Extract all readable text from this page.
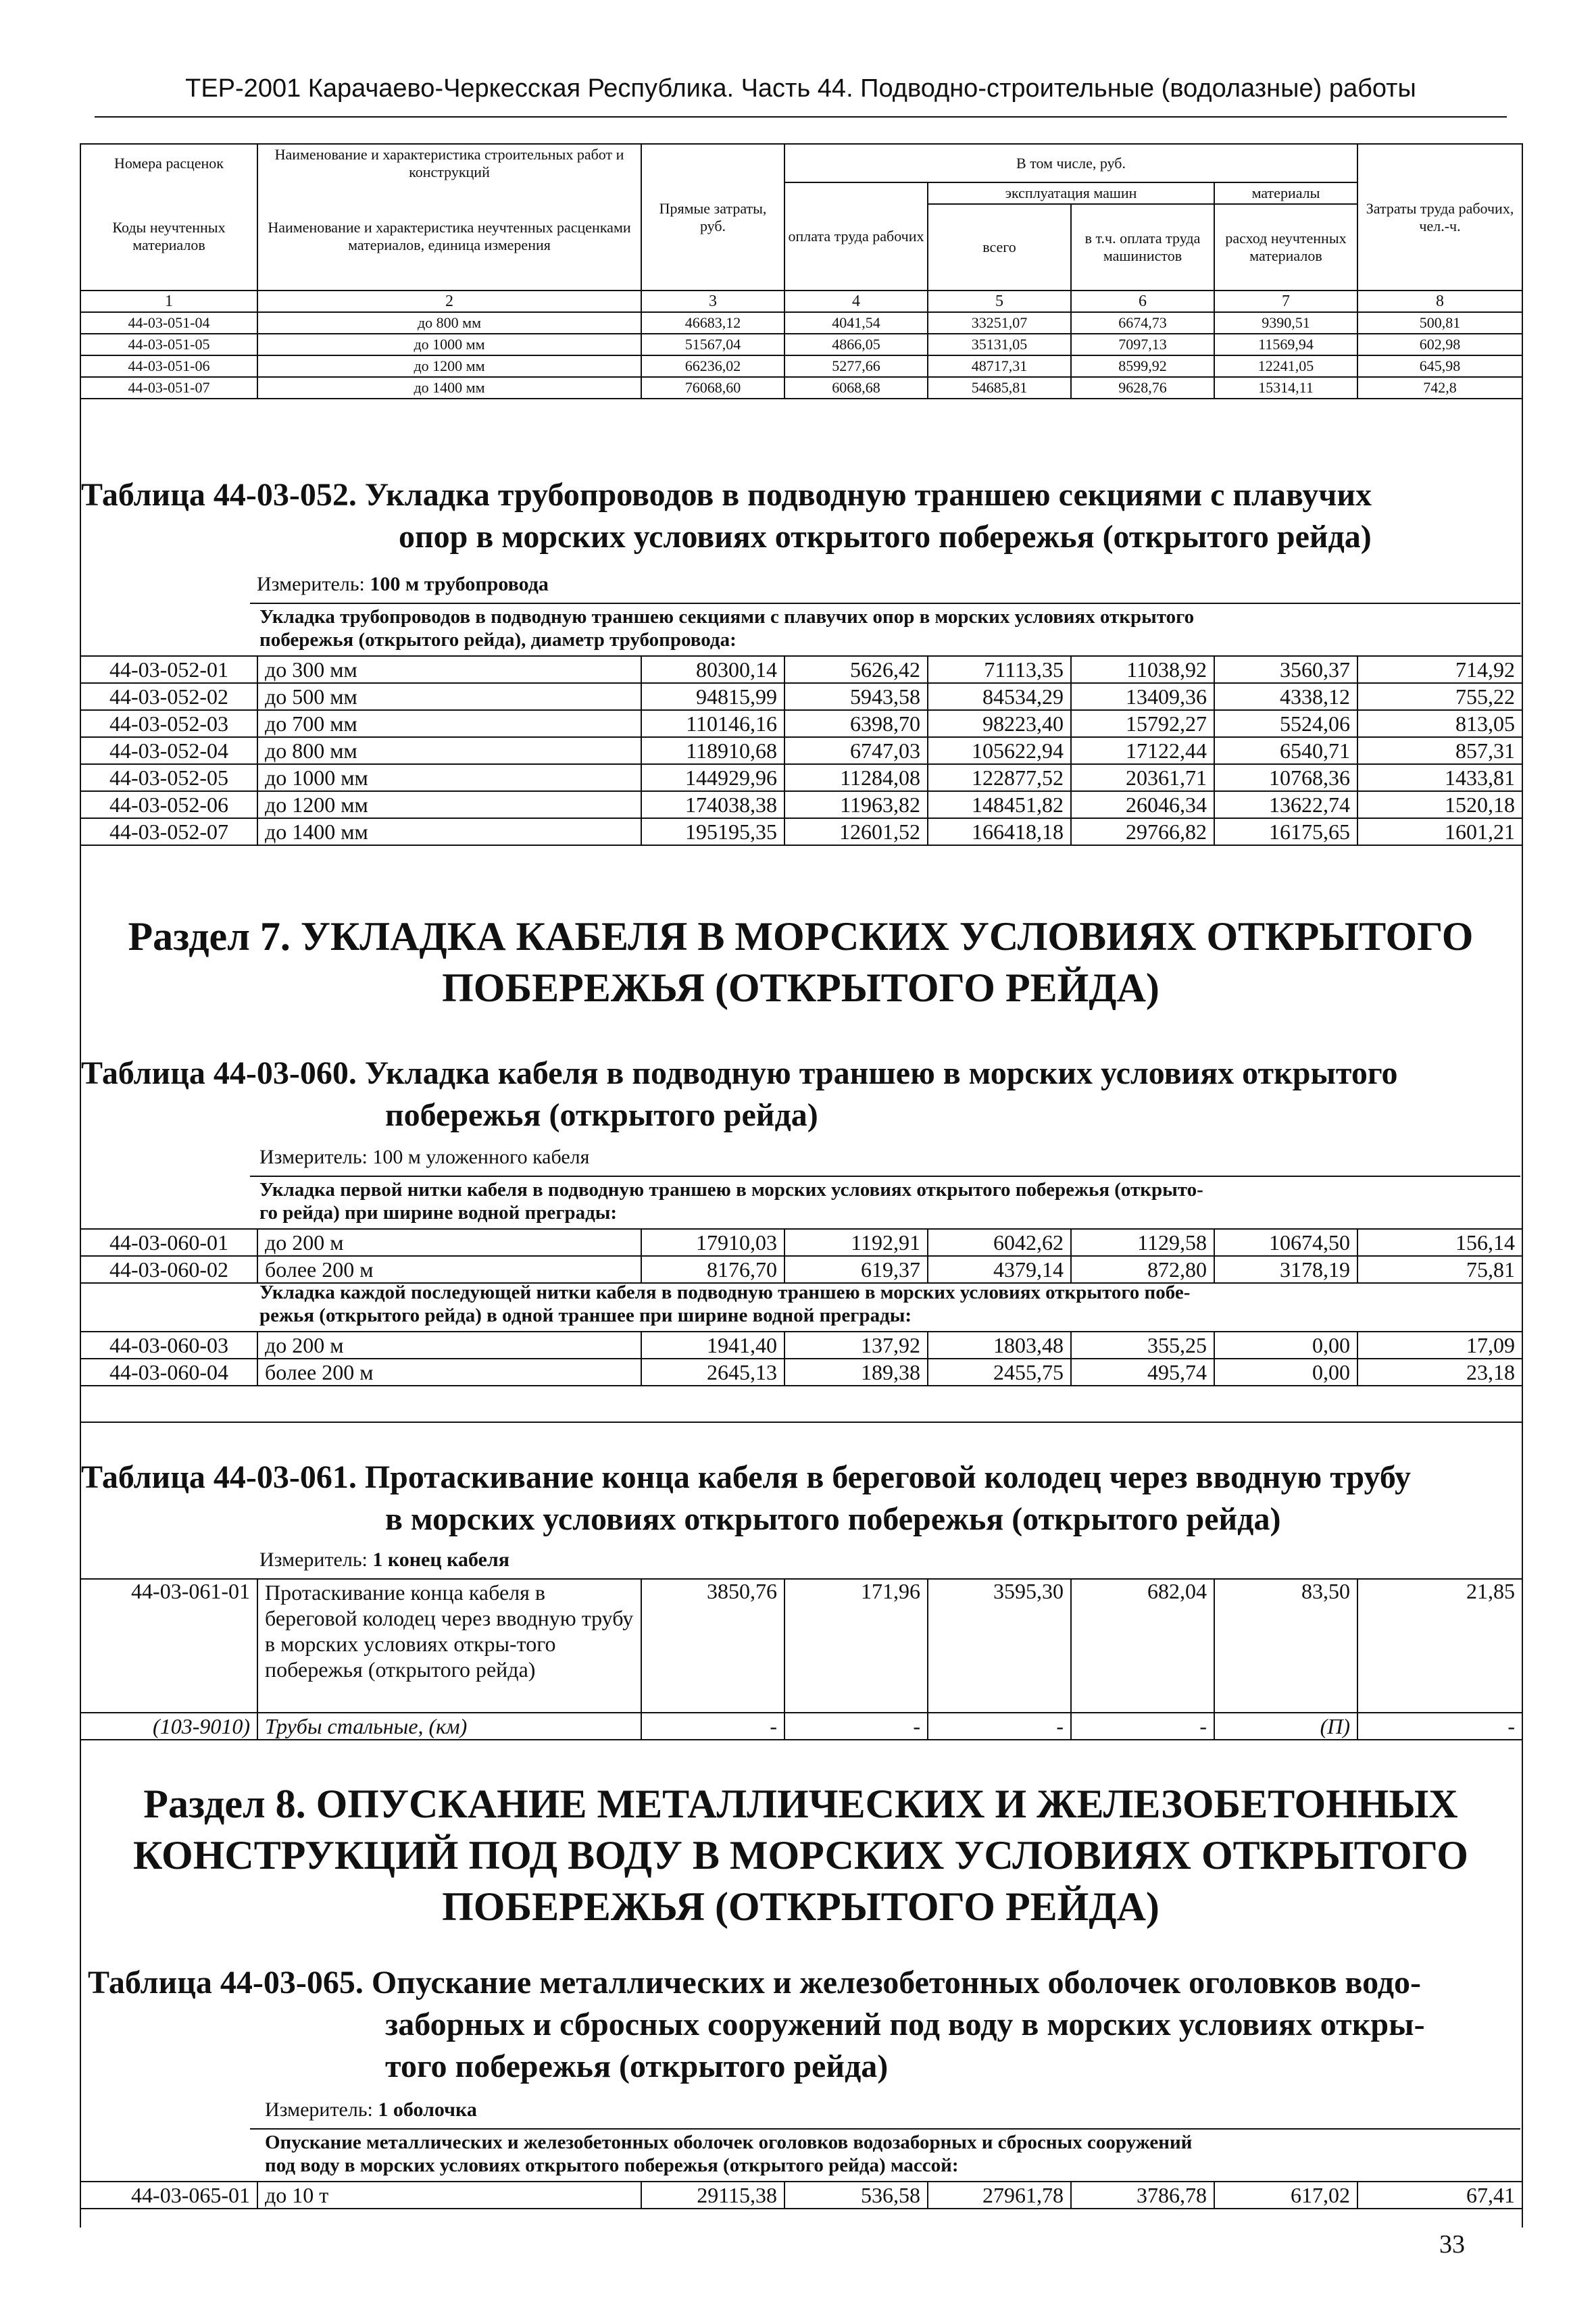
ТЕР-2001 Карачаево-Черкесская Республика. Часть 44. Подводно-строительные (водолазные) работы
Номера расценок	Наименование и характеристика строительных работ и конструкций	Прямые затраты, руб.	В том числе, руб.				Затраты труда рабочих, чел.-ч.
Коды неучтенных материалов	Наименование и характеристика неучтенных расценками материалов, единица измерения		оплата труда рабочих	эксплуатация машин		материалы	
				всего	в т.ч. оплата труда машинистов	расход неучтенных материалов	
1	2	3	4	5	6	7	8
44-03-051-04	до 800 мм	46683,12	4041,54	33251,07	6674,73	9390,51	500,81
44-03-051-05	до 1000 мм	51567,04	4866,05	35131,05	7097,13	11569,94	602,98
44-03-051-06	до 1200 мм	66236,02	5277,66	48717,31	8599,92	12241,05	645,98
44-03-051-07	до 1400 мм	76068,60	6068,68	54685,81	9628,76	15314,11	742,8
Таблица 44-03-052. Укладка трубопроводов в подводную траншею секциями с плавучих
опор в морских условиях открытого побережья (открытого рейда)
Измеритель: 100 м трубопровода
Укладка трубопроводов в подводную траншею секциями с плавучих опор в морских условиях открытого
побережья (открытого рейда), диаметр трубопровода:
44-03-052-01	до 300 мм	80300,14	5626,42	71113,35	11038,92	3560,37	714,92
44-03-052-02	до 500 мм	94815,99	5943,58	84534,29	13409,36	4338,12	755,22
44-03-052-03	до 700 мм	110146,16	6398,70	98223,40	15792,27	5524,06	813,05
44-03-052-04	до 800 мм	118910,68	6747,03	105622,94	17122,44	6540,71	857,31
44-03-052-05	до 1000 мм	144929,96	11284,08	122877,52	20361,71	10768,36	1433,81
44-03-052-06	до 1200 мм	174038,38	11963,82	148451,82	26046,34	13622,74	1520,18
44-03-052-07	до 1400 мм	195195,35	12601,52	166418,18	29766,82	16175,65	1601,21
Раздел 7. УКЛАДКА КАБЕЛЯ В МОРСКИХ УСЛОВИЯХ ОТКРЫТОГО ПОБЕРЕЖЬЯ (ОТКРЫТОГО РЕЙДА)
Таблица 44-03-060. Укладка кабеля в подводную траншею в морских условиях открытого
побережья (открытого рейда)
Измеритель: 100 м уложенного кабеля
Укладка первой нитки кабеля в подводную траншею в морских условиях открытого побережья (открыто-
го рейда) при ширине водной преграды:
44-03-060-01	до 200 м	17910,03	1192,91	6042,62	1129,58	10674,50	156,14
44-03-060-02	более 200 м	8176,70	619,37	4379,14	872,80	3178,19	75,81
Укладка каждой последующей нитки кабеля в подводную траншею в морских условиях открытого побе-
режья (открытого рейда) в одной траншее при ширине водной преграды:
44-03-060-03	до 200 м	1941,40	137,92	1803,48	355,25	0,00	17,09
44-03-060-04	более 200 м	2645,13	189,38	2455,75	495,74	0,00	23,18
Таблица 44-03-061. Протаскивание конца кабеля в береговой колодец через вводную трубу
в морских условиях открытого побережья (открытого рейда)
Измеритель: 1 конец кабеля
44-03-061-01	Протаскивание конца кабеля в береговой колодец через вводную трубу в морских условиях откры-того побережья (открытого рейда)	3850,76	171,96	3595,30	682,04	83,50	21,85
(103-9010)	Трубы стальные, (км)	-	-	-	-	(П)	-
Раздел 8. ОПУСКАНИЕ МЕТАЛЛИЧЕСКИХ И ЖЕЛЕЗОБЕТОННЫХ КОНСТРУКЦИЙ ПОД ВОДУ В МОРСКИХ УСЛОВИЯХ ОТКРЫТОГО ПОБЕРЕЖЬЯ (ОТКРЫТОГО РЕЙДА)
Таблица 44-03-065. Опускание металлических и железобетонных оболочек оголовков водо-
заборных и сбросных сооружений под воду в морских условиях откры-
того побережья (открытого рейда)
Измеритель: 1 оболочка
Опускание металлических и железобетонных оболочек оголовков водозаборных и сбросных сооружений
под воду в морских условиях открытого побережья (открытого рейда) массой:
44-03-065-01	до 10 т	29115,38	536,58	27961,78	3786,78	617,02	67,41
33
